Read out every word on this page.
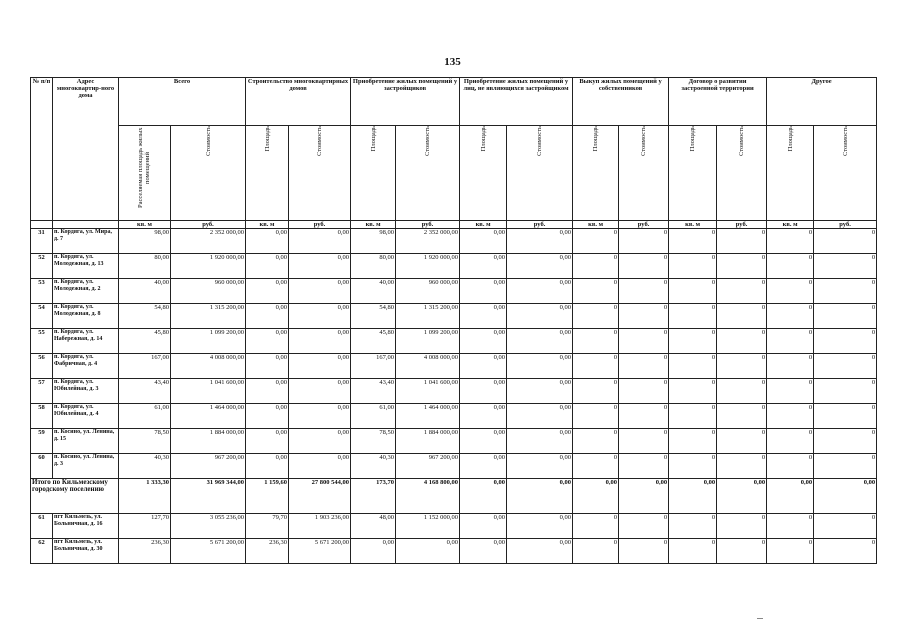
135
№ п/п	Адрес многоквартир-ного дома	Всего		Строительство многоквартирных домов		Приобретение жилых помещений у застройщиков		Приобретение жилых помещений у лиц, не являющихся застройщиком		Выкуп жилых помещений у собственников		Договор о развитии застроенной территории		Другое	
		Расселяемая площадь жилых помещений	Стоимость	Площадь	Стоимость	Площадь	Стоимость	Площадь	Стоимость	Площадь	Стоимость	Площадь	Стоимость	Площадь	Стоимость
		кв. м	руб.	кв. м	руб.	кв. м	руб.	кв. м	руб.	кв. м	руб.	кв. м	руб.	кв. м	руб.
31	п. Кордяга, ул. Мира, д. 7	98,00	2 352 000,00	0,00	0,00	98,00	2 352 000,00	0,00	0,00	0	0	0	0	0	0
52	п. Кордяга, ул. Молодежная, д. 13	80,00	1 920 000,00	0,00	0,00	80,00	1 920 000,00	0,00	0,00	0	0	0	0	0	0
53	п. Кордяга, ул. Молодежная, д. 2	40,00	960 000,00	0,00	0,00	40,00	960 000,00	0,00	0,00	0	0	0	0	0	0
54	п. Кордяга, ул. Молодежная, д. 8	54,80	1 315 200,00	0,00	0,00	54,80	1 315 200,00	0,00	0,00	0	0	0	0	0	0
55	п. Кордяга, ул. Набережная, д. 14	45,80	1 099 200,00	0,00	0,00	45,80	1 099 200,00	0,00	0,00	0	0	0	0	0	0
56	п. Кордяга, ул. Фабричная, д. 4	167,00	4 008 000,00	0,00	0,00	167,00	4 008 000,00	0,00	0,00	0	0	0	0	0	0
57	п. Кордяга, ул. Юбилейная, д. 3	43,40	1 041 600,00	0,00	0,00	43,40	1 041 600,00	0,00	0,00	0	0	0	0	0	0
58	п. Кордяга, ул. Юбилейная, д. 4	61,00	1 464 000,00	0,00	0,00	61,00	1 464 000,00	0,00	0,00	0	0	0	0	0	0
59	п. Косино, ул. Ленина, д. 15	78,50	1 884 000,00	0,00	0,00	78,50	1 884 000,00	0,00	0,00	0	0	0	0	0	0
60	п. Косино, ул. Ленина, д. 3	40,30	967 200,00	0,00	0,00	40,30	967 200,00	0,00	0,00	0	0	0	0	0	0
Итого по Кильмезскому городскому поселению		1 333,30	31 969 344,00	1 159,60	27 800 544,00	173,70	4 168 800,00	0,00	0,00	0,00	0,00	0,00	0,00	0,00	0,00
61	пгт Кильмезь, ул. Больничная, д. 16	127,70	3 055 236,00	79,70	1 903 236,00	48,00	1 152 000,00	0,00	0,00	0	0	0	0	0	0
62	пгт Кильмезь, ул. Больничная, д. 30	236,30	5 671 200,00	236,30	5 671 200,00	0,00	0,00	0,00	0,00	0	0	0	0	0	0
